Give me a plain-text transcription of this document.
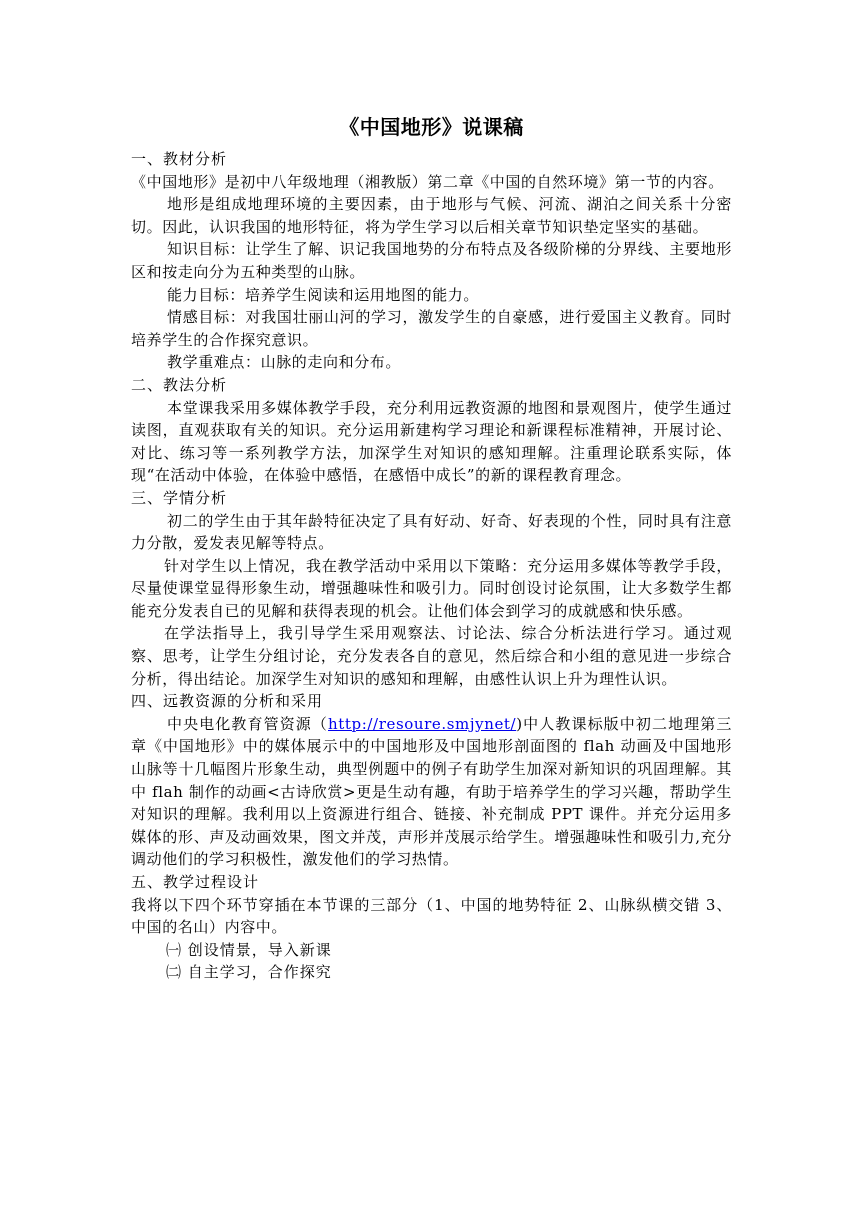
《中国地形》说课稿

一、教材分析

《中国地形》是初中八年级地理（湘教版）第二章《中国的自然环境》第一节的内容。

地形是组成地理环境的主要因素，由于地形与气候、河流、湖泊之间关系十分密切。因此，认识我国的地形特征，将为学生学习以后相关章节知识垫定坚实的基础。

知识目标：让学生了解、识记我国地势的分布特点及各级阶梯的分界线、主要地形区和按走向分为五种类型的山脉。

能力目标：培养学生阅读和运用地图的能力。

情感目标：对我国壮丽山河的学习，激发学生的自豪感，进行爱国主义教育。同时培养学生的合作探究意识。

教学重难点：山脉的走向和分布。

二、教法分析

本堂课我采用多媒体教学手段，充分利用远教资源的地图和景观图片，使学生通过读图，直观获取有关的知识。充分运用新建构学习理论和新课程标准精神，开展讨论、对比、练习等一系列教学方法，加深学生对知识的感知理解。注重理论联系实际，体现“在活动中体验，在体验中感悟，在感悟中成长”的新的课程教育理念。

三、学情分析

初二的学生由于其年龄特征决定了具有好动、好奇、好表现的个性，同时具有注意力分散，爱发表见解等特点。

针对学生以上情况，我在教学活动中采用以下策略：充分运用多媒体等教学手段，尽量使课堂显得形象生动，增强趣味性和吸引力。同时创设讨论氛围，让大多数学生都能充分发表自已的见解和获得表现的机会。让他们体会到学习的成就感和快乐感。

在学法指导上，我引导学生采用观察法、讨论法、综合分析法进行学习。通过观察、思考，让学生分组讨论，充分发表各自的意见，然后综合和小组的意见进一步综合分析，得出结论。加深学生对知识的感知和理解，由感性认识上升为理性认识。

四、远教资源的分析和采用

中央电化教育管资源（http://resoure.smjynet/)中人教课标版中初二地理第三章《中国地形》中的媒体展示中的中国地形及中国地形剖面图的 flah 动画及中国地形山脉等十几幅图片形象生动，典型例题中的例子有助学生加深对新知识的巩固理解。其中 flah 制作的动画<古诗欣赏>更是生动有趣，有助于培养学生的学习兴趣，帮助学生对知识的理解。我利用以上资源进行组合、链接、补充制成 PPT 课件。并充分运用多媒体的形、声及动画效果，图文并茂，声形并茂展示给学生。增强趣味性和吸引力,充分调动他们的学习积极性，激发他们的学习热情。

五、教学过程设计

我将以下四个环节穿插在本节课的三部分（1、中国的地势特征 2、山脉纵横交错 3、中国的名山）内容中。

㈠ 创设情景，导入新课

㈡ 自主学习，合作探究
